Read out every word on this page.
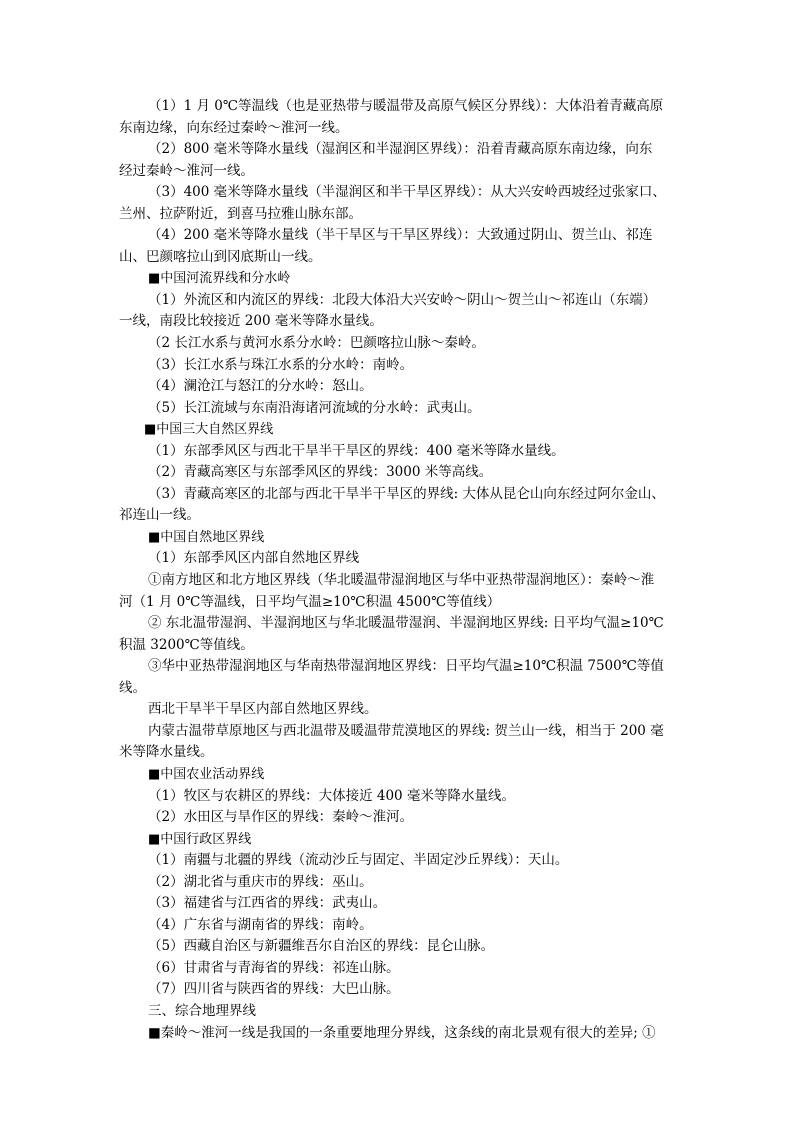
（1）1 月 0℃等温线（也是亚热带与暖温带及高原气候区分界线）：大体沿着青藏高原
东南边缘，向东经过秦岭～淮河一线。
（2）800 毫米等降水量线（湿润区和半湿润区界线）：沿着青藏高原东南边缘，向东
经过秦岭～淮河一线。
（3）400 毫米等降水量线（半湿润区和半干旱区界线）：从大兴安岭西坡经过张家口、
兰州、拉萨附近，到喜马拉雅山脉东部。
（4）200 毫米等降水量线（半干旱区与干旱区界线）：大致通过阴山、贺兰山、祁连
山、巴颜喀拉山到冈底斯山一线。
■中国河流界线和分水岭
（1）外流区和内流区的界线：北段大体沿大兴安岭～阴山～贺兰山～祁连山（东端）
一线，南段比较接近 200 毫米等降水量线。
（2 长江水系与黄河水系分水岭：巴颜喀拉山脉～秦岭。
（3）长江水系与珠江水系的分水岭：南岭。
（4）澜沧江与怒江的分水岭：怒山。
（5）长江流域与东南沿海诸河流域的分水岭：武夷山。
■中国三大自然区界线
（1）东部季风区与西北干旱半干旱区的界线：400 毫米等降水量线。
（2）青藏高寒区与东部季风区的界线：3000 米等高线。
（3）青藏高寒区的北部与西北干旱半干旱区的界线: 大体从昆仑山向东经过阿尔金山、
祁连山一线。
■中国自然地区界线
（1）东部季风区内部自然地区界线
①南方地区和北方地区界线（华北暖温带湿润地区与华中亚热带湿润地区）：秦岭～淮
河（1 月 0℃等温线，日平均气温≥10℃积温 4500℃等值线）
② 东北温带湿润、半湿润地区与华北暖温带湿润、半湿润地区界线: 日平均气温≥10℃
积温 3200℃等值线。
③华中亚热带湿润地区与华南热带湿润地区界线：日平均气温≥10℃积温 7500℃等值
线。
西北干旱半干旱区内部自然地区界线。
内蒙古温带草原地区与西北温带及暖温带荒漠地区的界线: 贺兰山一线，相当于 200 毫
米等降水量线。
■中国农业活动界线
（1）牧区与农耕区的界线：大体接近 400 毫米等降水量线。
（2）水田区与旱作区的界线：秦岭～淮河。
■中国行政区界线
（1）南疆与北疆的界线（流动沙丘与固定、半固定沙丘界线）：天山。
（2）湖北省与重庆市的界线：巫山。
（3）福建省与江西省的界线：武夷山。
（4）广东省与湖南省的界线：南岭。
（5）西藏自治区与新疆维吾尔自治区的界线：昆仑山脉。
（6）甘肃省与青海省的界线：祁连山脉。
（7）四川省与陕西省的界线：大巴山脉。
三、综合地理界线
■秦岭～淮河一线是我国的一条重要地理分界线，这条线的南北景观有很大的差异; ①
